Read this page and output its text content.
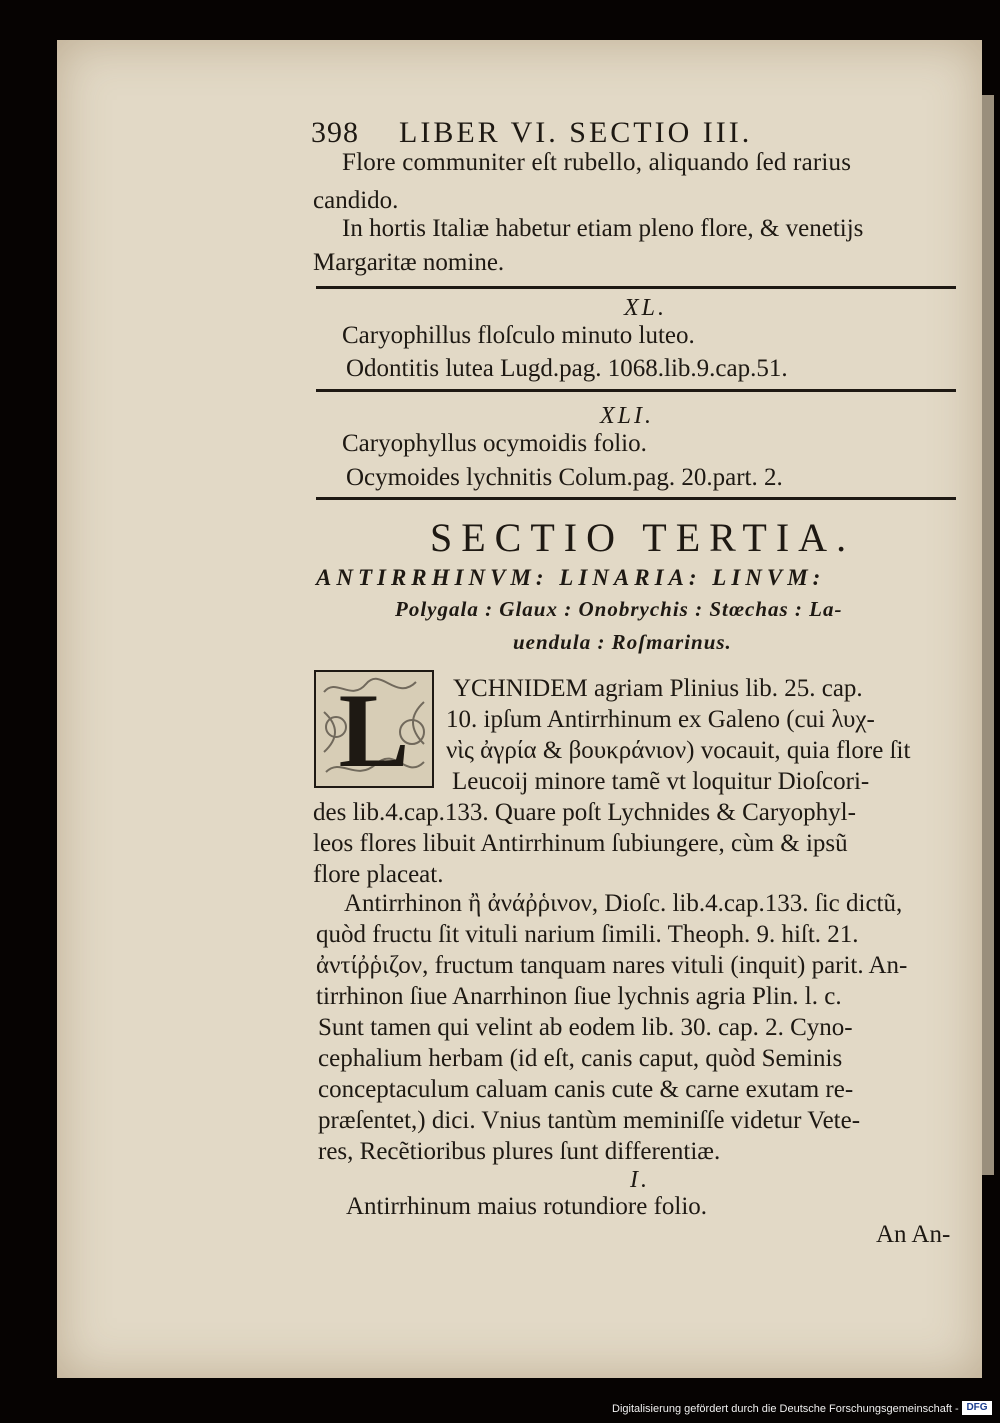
398 LIBER VI. SECTIO III.
Flore communiter eſt rubello, aliquando ſed rarius
candido.
In hortis Italiæ habetur etiam pleno flore, & venetijs
Margaritæ nomine.
XL.
Caryophillus floſculo minuto luteo.
Odontitis lutea Lugd.pag. 1068.lib.9.cap.51.
XLI.
Caryophyllus ocymoidis folio.
Ocymoides lychnitis Colum.pag. 20.part. 2.
SECTIO TERTIA.
ANTIRRHINVM: LINARIA: LINVM:
Polygala : Glaux : Onobrychis : Stœchas : La-
uendula : Roſmarinus.
L	YCHNIDEM agriam Plinius lib. 25. cap.
10. ipſum Antirrhinum ex Galeno (cui λυχ-
νὶς ἀγρία & βουκράνιον) vocauit, quia flore ſit
Leucoij minore tamẽ vt loquitur Dioſcori-
des lib.4.cap.133. Quare poſt Lychnides & Caryophyl-
leos flores libuit Antirrhinum ſubiungere, cùm & ipsũ
flore placeat.
Antirrhinon ἢ ἀνάῤῥινον, Dioſc. lib.4.cap.133. ſic dictũ,
quòd fructu ſit vituli narium ſimili. Theoph. 9. hiſt. 21.
ἀντίῤῥιζον, fructum tanquam nares vituli (inquit) parit. An-
tirrhinon ſiue Anarrhinon ſiue lychnis agria Plin. l. c.
Sunt tamen qui velint ab eodem lib. 30. cap. 2. Cyno-
cephalium herbam (id eſt, canis caput, quòd Seminis
conceptaculum caluam canis cute & carne exutam re-
præſentet,) dici. Vnius tantùm meminiſſe videtur Vete-
res, Recẽtioribus plures ſunt differentiæ.
I.
Antirrhinum maius rotundiore folio.
An An-
Digitalisierung gefördert durch die Deutsche Forschungsgemeinschaft - DFG
